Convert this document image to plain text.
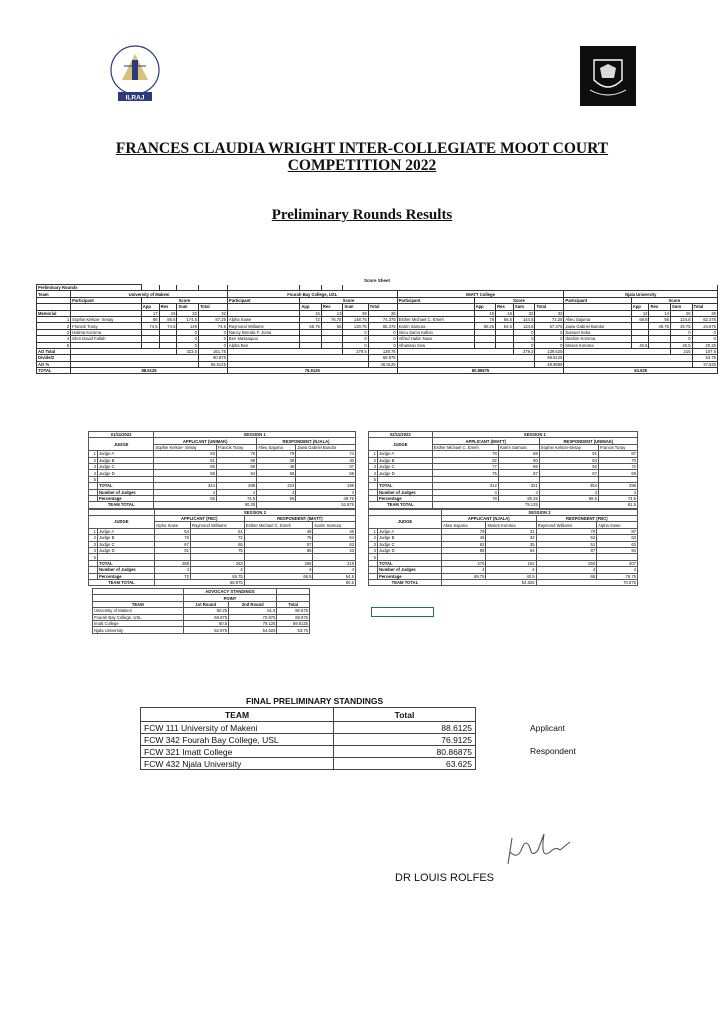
ILRAJ
FRANCES CLAUDIA WRIGHT INTER-COLLEGIATE MOOT COURT
COMPETITION 2022
Preliminary Rounds Results
Score Sheet
Preliminary Rounds																				
Team	University of Makeni					Fourah Bay College, USL					IMATT College					Njala University				
	Participant	Score				Participant	Score				Participant	Score				Participant	Score			
		App	Res	Sum	Total		App	Res	Sum	Total		App	Res	Sum	Total		App	Res	Sum	Total
Memorial		17	15	32	32		15	13	28	28		16	16	32	32		12	14	26	26
1	Sophie Kelson- Sesay	86	88.5	174.5	87.25	Alpha Sowe	72	76.75	148.75	74.375	Esther Michael C. Emeh	78	66.5	144.5	72.25	Alieu Sajuma	68.8	56	124.8	62.375
2	Francis Turay	74.5	74.5	149	74.5	Raymond Williams	65.75	65	130.75	65.375	Karim Samura	80.25	54.5	134.8	67.375	Jawa Gabriel Bundor		49.75	49.75	24.875
3	Halima Koroma			0	0	Nancy Brenda F. Juma			0	0	Alieu Samu Kallon			0	0	Samuel Soka			0	0
4	Glen David Fallah			0	0	Ben Massaquoi			0	0	Alfred Halim Naxo			0	0	Ibrahim Koroma			0	0
5				0	0	Alpha Ben			0	0	Alhassan Sow			0	0	Moses Koroma	40.5		40.5	20.25
AO Total				323.5	161.75				279.5	139.75				279.3	139.625				215	107.5
Divide/2					80.875					69.875					69.8125					53.75
AO %					56.6125					48.9125					48.8688					37.625
TOTAL	88.6125					76.9125					80.86875					63.625				
01/11/2022		SESSION 1			
JUDGE		APPLICANT (UNIMAK)		RESPONDENT (NJALA)	
		Sophie Kelson- Sesay	Francis Turay	Alieu Sajuma	Jawa Gabriel Bundor
1	Judge A	83	76	79	74
2	Judge B	91	69	39	30
3	Judge C	85	69	48	37
4	Judge D	85	84	58	58
5					
	TOTAL	344	298	224	199
	Number of Judges	4	4	4	4
	Percentage	86	74.5	56	49.75
TEAM TOTAL		80.25		52.875	
		SESSION 2			
JUDGE		APPLICANT (FBC)		RESPONDENT (IMATT)	
		Alpha Sowe	Raymond Williams	Esther Michael C. Emeh	Karim Samura
1	Judge A	54	51	48	46
2	Judge B	76	72	75	64
3	Judge C	67	65	57	63
4	Judge D	91	75	86	43
5					
	TOTAL	288	263	266	218
	Number of Judges	4	4	4	4
	Percentage	72	65.75	66.5	54.5
TEAM TOTAL		68.875		60.5	
02/11/2022		SESSION 1			
JUDGE		APPLICANT (IMATT)		RESPONDENT (UNIMAK)	
		Esther Michael C. Emeh	Karim Samura	Sophie Kelson-Sesay	Francis Turay
1	Judge A	78	68	91	87
2	Judge B	82	80	84	70
3	Judge C	77	86	92	72
4	Judge D	75	87	87	69
5					
	TOTAL	312	321	354	298
	Number of Judges	4	4	4	4
	Percentage	78	80.25	88.5	74.5
TEAM TOTAL		79.125		81.5	
		SESSION 2			
JUDGE		APPLICANT (NJALA)		RESPONDENT (FBC)	
		Alieu Sajuma	Moses Koroma	Raymond Williams	Alpha Sowe
1	Judge A	79	31	70	87
2	Judge B	46	32	52	63
3	Judge C	62	35	51	63
4	Judge D	88	64	87	94
5					
	TOTAL	275	162	260	307
	Number of Judges	4	4	4	4
	Percentage	68.75	40.5	65	76.75
TEAM TOTAL		54.625		70.875	
	ADVOCACY STANDINGS		
	POINT		
TEAM	1st Round	2nd Round	Total
University of Makeni	80.25	81.5	80.875
Fourah Bay College, USL	68.875	70.875	69.875
Imatt College	60.5	79.125	69.8125
Njala University	52.875	54.625	53.75
FINAL PRELIMINARY STANDINGS
TEAM	Total
FCW 111 University of Makeni	88.6125
FCW 342 Fourah Bay College, USL	76.9125
FCW 321 Imatt College	80.86875
FCW 432 Njala University	63.625
Applicant
Respondent
DR LOUIS ROLFES
